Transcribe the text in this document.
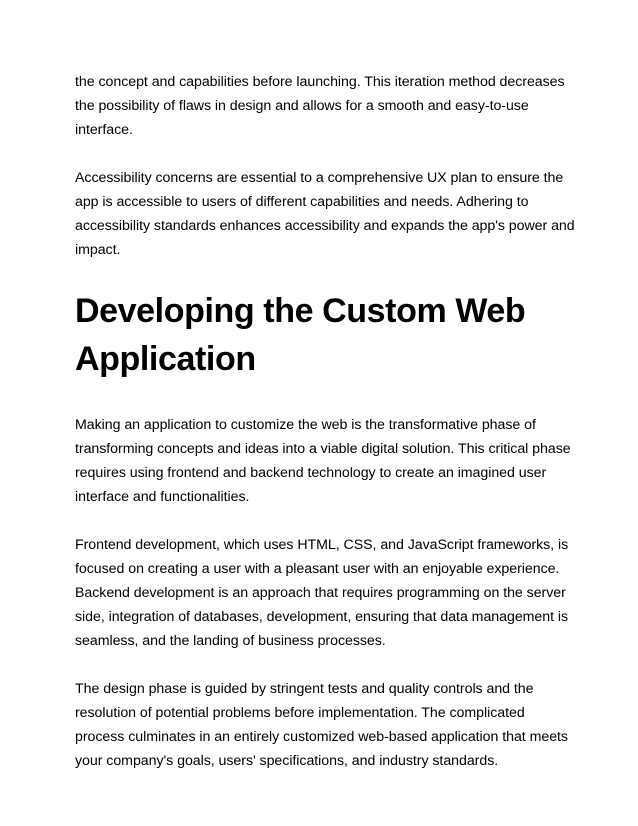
the concept and capabilities before launching. This iteration method decreases the possibility of flaws in design and allows for a smooth and easy-to-use interface.

Accessibility concerns are essential to a comprehensive UX plan to ensure the app is accessible to users of different capabilities and needs. Adhering to accessibility standards enhances accessibility and expands the app's power and impact.

Developing the Custom Web Application

Making an application to customize the web is the transformative phase of transforming concepts and ideas into a viable digital solution. This critical phase requires using frontend and backend technology to create an imagined user interface and functionalities.

Frontend development, which uses HTML, CSS, and JavaScript frameworks, is focused on creating a user with a pleasant user with an enjoyable experience. Backend development is an approach that requires programming on the server side, integration of databases, development, ensuring that data management is seamless, and the landing of business processes.

The design phase is guided by stringent tests and quality controls and the resolution of potential problems before implementation. The complicated process culminates in an entirely customized web-based application that meets your company's goals, users' specifications, and industry standards.
